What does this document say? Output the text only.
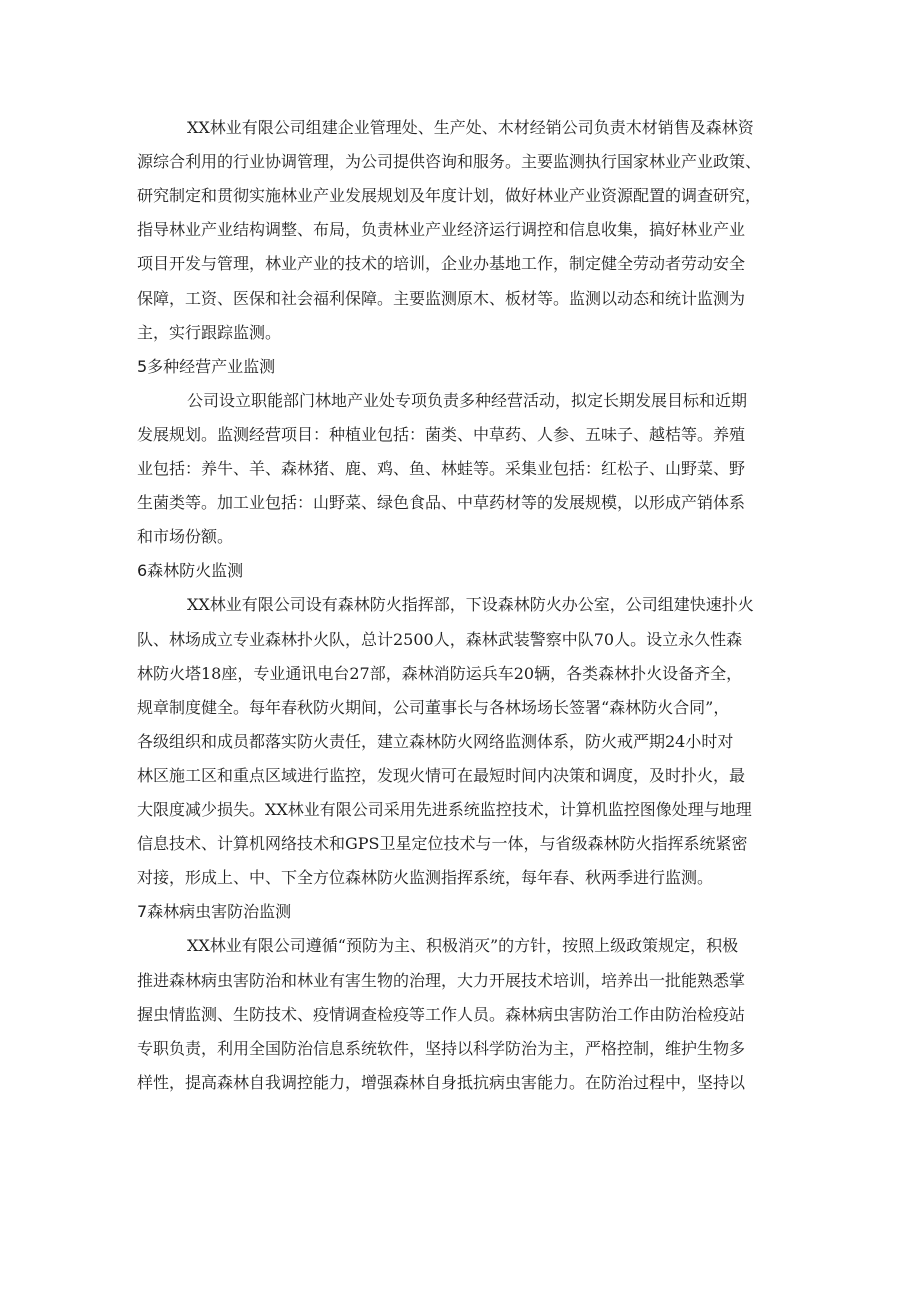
XX林业有限公司组建企业管理处、生产处、木材经销公司负责木材销售及森林资
源综合利用的行业协调管理，为公司提供咨询和服务。主要监测执行国家林业产业政策、
研究制定和贯彻实施林业产业发展规划及年度计划，做好林业产业资源配置的调查研究，
指导林业产业结构调整、布局，负责林业产业经济运行调控和信息收集，搞好林业产业
项目开发与管理，林业产业的技术的培训，企业办基地工作，制定健全劳动者劳动安全
保障，工资、医保和社会福利保障。主要监测原木、板材等。监测以动态和统计监测为
主，实行跟踪监测。
5多种经营产业监测
公司设立职能部门林地产业处专项负责多种经营活动，拟定长期发展目标和近期
发展规划。监测经营项目：种植业包括：菌类、中草药、人参、五味子、越桔等。养殖
业包括：养牛、羊、森林猪、鹿、鸡、鱼、林蛙等。采集业包括：红松子、山野菜、野
生菌类等。加工业包括：山野菜、绿色食品、中草药材等的发展规模，以形成产销体系
和市场份额。
6森林防火监测
XX林业有限公司设有森林防火指挥部，下设森林防火办公室，公司组建快速扑火
队、林场成立专业森林扑火队，总计2500人，森林武装警察中队70人。设立永久性森
林防火塔18座，专业通讯电台27部，森林消防运兵车20辆，各类森林扑火设备齐全，
规章制度健全。每年春秋防火期间，公司董事长与各林场场长签署“森林防火合同”，
各级组织和成员都落实防火责任，建立森林防火网络监测体系，防火戒严期24小时对
林区施工区和重点区域进行监控，发现火情可在最短时间内决策和调度，及时扑火，最
大限度减少损失。XX林业有限公司采用先进系统监控技术，计算机监控图像处理与地理
信息技术、计算机网络技术和GPS卫星定位技术与一体，与省级森林防火指挥系统紧密
对接，形成上、中、下全方位森林防火监测指挥系统，每年春、秋两季进行监测。
7森林病虫害防治监测
XX林业有限公司遵循“预防为主、积极消灭”的方针，按照上级政策规定，积极
推进森林病虫害防治和林业有害生物的治理，大力开展技术培训，培养出一批能熟悉掌
握虫情监测、生防技术、疫情调查检疫等工作人员。森林病虫害防治工作由防治检疫站
专职负责，利用全国防治信息系统软件，坚持以科学防治为主，严格控制，维护生物多
样性，提高森林自我调控能力，增强森林自身抵抗病虫害能力。在防治过程中，坚持以
